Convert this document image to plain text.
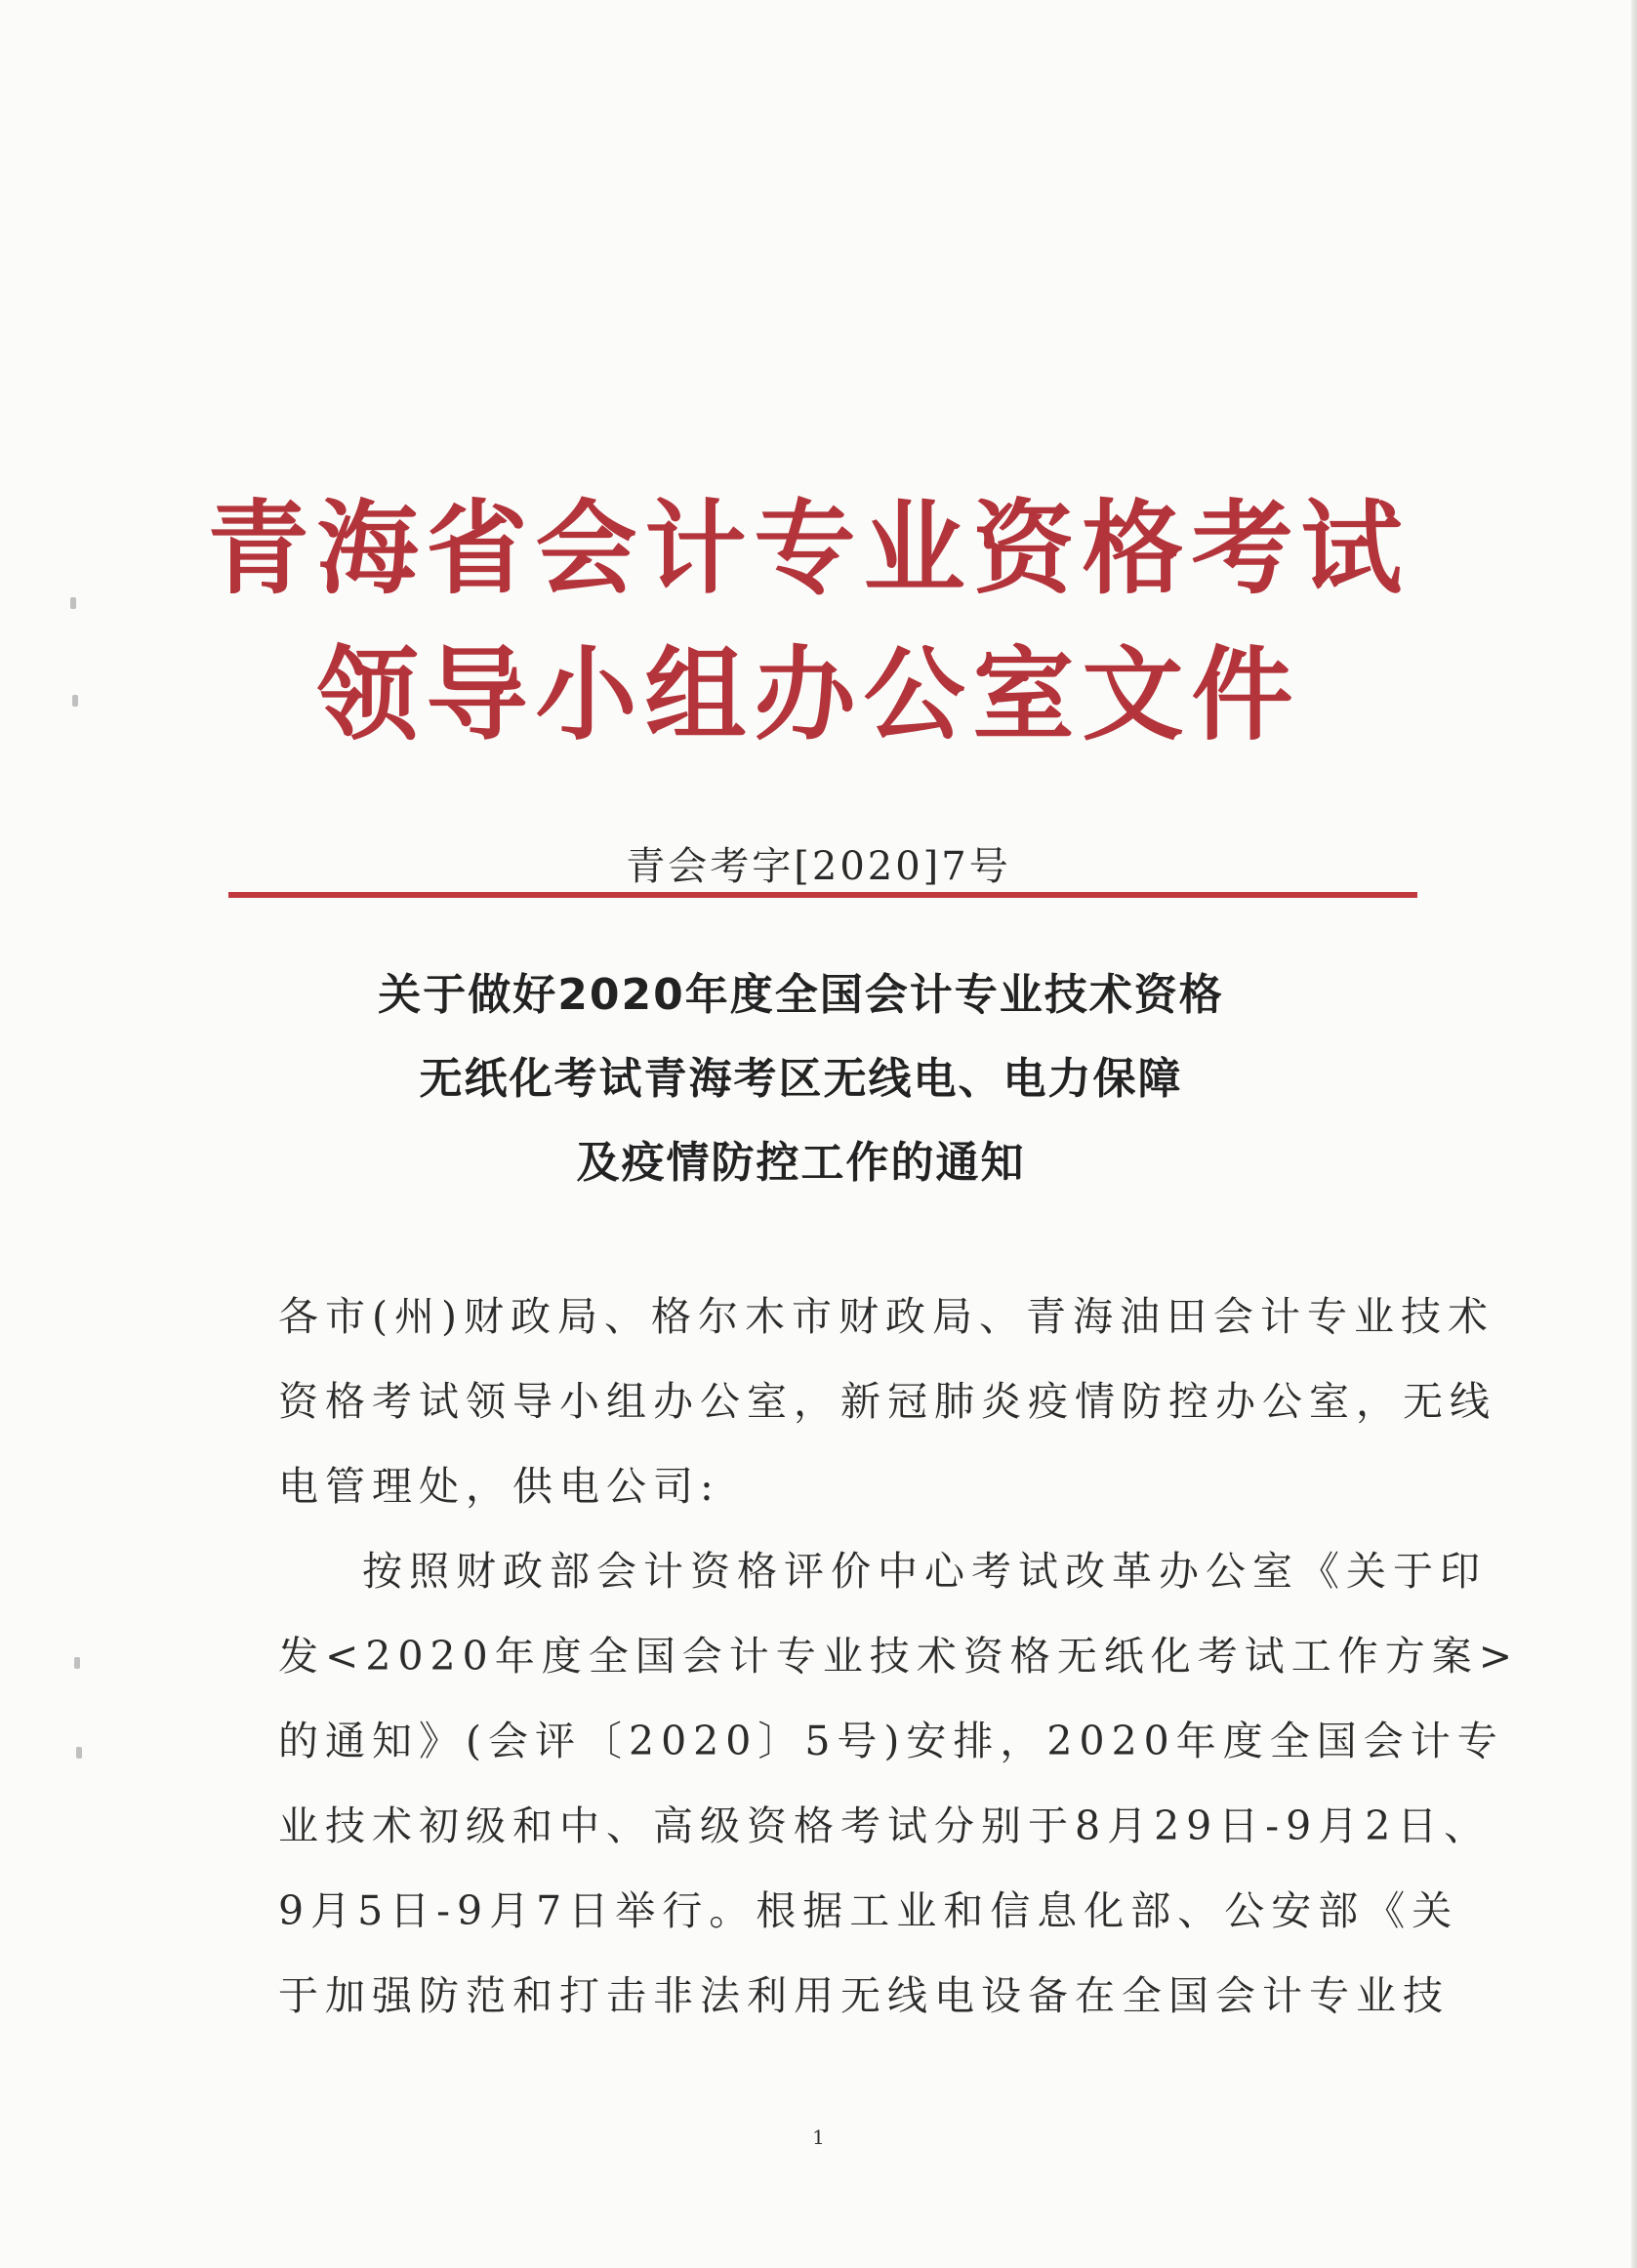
青海省会计专业资格考试
领导小组办公室文件
青会考字[2020]7号
关于做好2020年度全国会计专业技术资格
无纸化考试青海考区无线电、电力保障
及疫情防控工作的通知
各市(州)财政局、格尔木市财政局、青海油田会计专业技术
资格考试领导小组办公室，新冠肺炎疫情防控办公室，无线
电管理处，供电公司:
按照财政部会计资格评价中心考试改革办公室《关于印
发<2020年度全国会计专业技术资格无纸化考试工作方案>
的通知》(会评〔2020〕5号)安排，2020年度全国会计专
业技术初级和中、高级资格考试分别于8月29日-9月2日、
9月5日-9月7日举行。根据工业和信息化部、公安部《关
于加强防范和打击非法利用无线电设备在全国会计专业技
1
